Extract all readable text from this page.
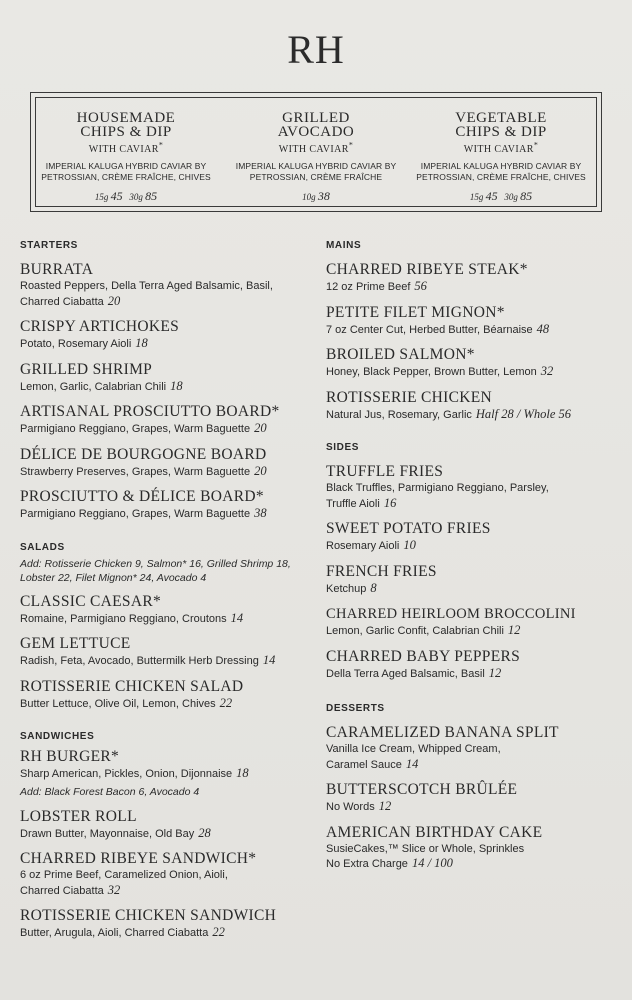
RH
HOUSEMADE
CHIPS & DIP
WITH CAVIAR*
IMPERIAL KALUGA HYBRID CAVIAR BY
PETROSSIAN, CRÈME FRAÎCHE, CHIVES
15g 45 30g 85
GRILLED
AVOCADO
WITH CAVIAR*
IMPERIAL KALUGA HYBRID CAVIAR BY
PETROSSIAN, CRÈME FRAÎCHE
10g 38
VEGETABLE
CHIPS & DIP
WITH CAVIAR*
IMPERIAL KALUGA HYBRID CAVIAR BY
PETROSSIAN, CRÈME FRAÎCHE, CHIVES
15g 45 30g 85
STARTERS
BURRATA
Roasted Peppers, Della Terra Aged Balsamic, Basil, Charred Ciabatta 20
CRISPY ARTICHOKES
Potato, Rosemary Aioli 18
GRILLED SHRIMP
Lemon, Garlic, Calabrian Chili 18
ARTISANAL PROSCIUTTO BOARD*
Parmigiano Reggiano, Grapes, Warm Baguette 20
DÉLICE DE BOURGOGNE BOARD
Strawberry Preserves, Grapes, Warm Baguette 20
PROSCIUTTO & DÉLICE BOARD*
Parmigiano Reggiano, Grapes, Warm Baguette 38
SALADS
Add: Rotisserie Chicken 9, Salmon* 16, Grilled Shrimp 18, Lobster 22, Filet Mignon* 24, Avocado 4
CLASSIC CAESAR*
Romaine, Parmigiano Reggiano, Croutons 14
GEM LETTUCE
Radish, Feta, Avocado, Buttermilk Herb Dressing 14
ROTISSERIE CHICKEN SALAD
Butter Lettuce, Olive Oil, Lemon, Chives 22
SANDWICHES
RH BURGER*
Sharp American, Pickles, Onion, Dijonnaise 18
Add: Black Forest Bacon 6, Avocado 4
LOBSTER ROLL
Drawn Butter, Mayonnaise, Old Bay 28
CHARRED RIBEYE SANDWICH*
6 oz Prime Beef, Caramelized Onion, Aioli, Charred Ciabatta 32
ROTISSERIE CHICKEN SANDWICH
Butter, Arugula, Aioli, Charred Ciabatta 22
MAINS
CHARRED RIBEYE STEAK*
12 oz Prime Beef 56
PETITE FILET MIGNON*
7 oz Center Cut, Herbed Butter, Béarnaise 48
BROILED SALMON*
Honey, Black Pepper, Brown Butter, Lemon 32
ROTISSERIE CHICKEN
Natural Jus, Rosemary, Garlic Half 28 / Whole 56
SIDES
TRUFFLE FRIES
Black Truffles, Parmigiano Reggiano, Parsley, Truffle Aioli 16
SWEET POTATO FRIES
Rosemary Aioli 10
FRENCH FRIES
Ketchup 8
CHARRED HEIRLOOM BROCCOLINI
Lemon, Garlic Confit, Calabrian Chili 12
CHARRED BABY PEPPERS
Della Terra Aged Balsamic, Basil 12
DESSERTS
CARAMELIZED BANANA SPLIT
Vanilla Ice Cream, Whipped Cream, Caramel Sauce 14
BUTTERSCOTCH BRÛLÉE
No Words 12
AMERICAN BIRTHDAY CAKE
SusieCakes,™ Slice or Whole, Sprinkles No Extra Charge 14 / 100
